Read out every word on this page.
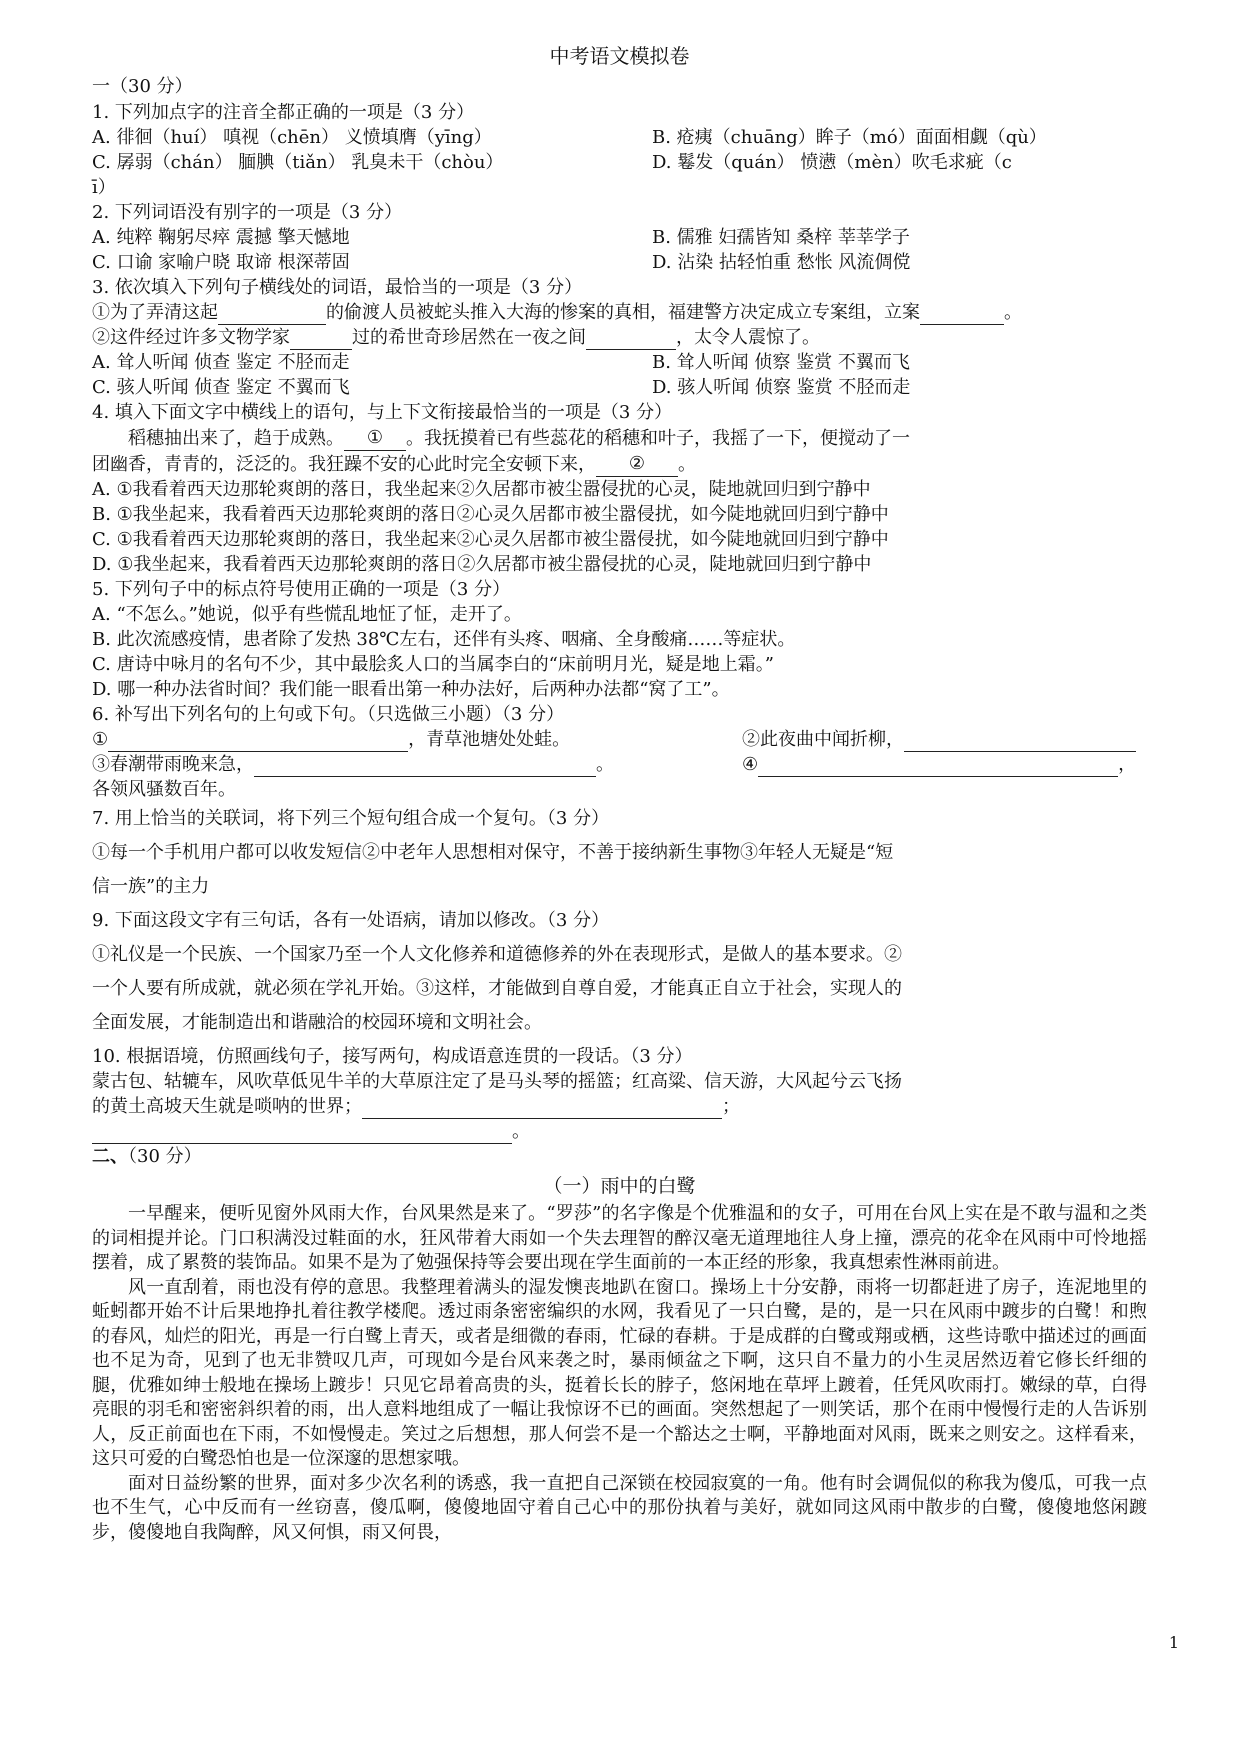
中考语文模拟卷
一（30 分）
1. 下列加点字的注音全都正确的一项是（3 分）
A. 徘徊（huí） 嗔视（chēn） 义愤填膺（yīng）	B. 疮痍（chuāng）眸子（mó）面面相觑（qù）
C. 孱弱（chán） 腼腆（tiǎn） 乳臭未干（chòu）	D. 鬈发（quán） 愤懑（mèn）吹毛求疵（c
ī）
2. 下列词语没有别字的一项是（3 分）
A. 纯粹 鞠躬尽瘁 震撼 擎天憾地	B. 儒雅 妇孺皆知 桑梓 莘莘学子
C. 口谕 家喻户晓 取谛 根深蒂固	D. 沾染 拈轻怕重 愁怅 风流倜傥
3. 依次填入下列句子横线处的词语，最恰当的一项是（3 分）
①为了弄清这起	的偷渡人员被蛇头推入大海的惨案的真相，福建警方决定成立专案组，立案	。
②这件经过许多文物学家	过的希世奇珍居然在一夜之间	，太令人震惊了。
A. 耸人听闻 侦查 鉴定 不胫而走	B. 耸人听闻 侦察 鉴赏 不翼而飞
C. 骇人听闻 侦查 鉴定 不翼而飞	D. 骇人听闻 侦察 鉴赏 不胫而走
4. 填入下面文字中横线上的语句，与上下文衔接最恰当的一项是（3 分）
稻穗抽出来了，趋于成熟。 ① 。我抚摸着已有些蕊花的稻穗和叶子，我摇了一下，便搅动了一
团幽香，青青的，泛泛的。我狂躁不安的心此时完全安顿下来， ② 。
A. ①我看着西天边那轮爽朗的落日，我坐起来②久居都市被尘嚣侵扰的心灵，陡地就回归到宁静中
B. ①我坐起来，我看着西天边那轮爽朗的落日②心灵久居都市被尘嚣侵扰，如今陡地就回归到宁静中
C. ①我看着西天边那轮爽朗的落日，我坐起来②心灵久居都市被尘嚣侵扰，如今陡地就回归到宁静中
D. ①我坐起来，我看着西天边那轮爽朗的落日②久居都市被尘嚣侵扰的心灵，陡地就回归到宁静中
5. 下列句子中的标点符号使用正确的一项是（3 分）
A. “不怎么。”她说，似乎有些慌乱地怔了怔，走开了。
B. 此次流感疫情，患者除了发热 38℃左右，还伴有头疼、咽痛、全身酸痛……等症状。
C. 唐诗中咏月的名句不少，其中最脍炙人口的当属李白的“床前明月光，疑是地上霜。”
D. 哪一种办法省时间？我们能一眼看出第一种办法好，后两种办法都“窝了工”。
6. 补写出下列名句的上句或下句。（只选做三小题）（3 分）
①	，青草池塘处处蛙。	②此夜曲中闻折柳，
③春潮带雨晚来急，	。	④	，
各领风骚数百年。
7. 用上恰当的关联词，将下列三个短句组合成一个复句。（3 分）
①每一个手机用户都可以收发短信②中老年人思想相对保守，不善于接纳新生事物③年轻人无疑是“短
信一族”的主力
9. 下面这段文字有三句话，各有一处语病，请加以修改。（3 分）
①礼仪是一个民族、一个国家乃至一个人文化修养和道德修养的外在表现形式，是做人的基本要求。②
一个人要有所成就，就必须在学礼开始。③这样，才能做到自尊自爱，才能真正自立于社会，实现人的
全面发展，才能制造出和谐融洽的校园环境和文明社会。
10. 根据语境，仿照画线句子，接写两句，构成语意连贯的一段话。（3 分）
蒙古包、轱辘车，风吹草低见牛羊的大草原注定了是马头琴的摇篮；红高粱、信天游，大风起兮云飞扬
的黄土高坡天生就是唢呐的世界；	；
。
二、（30 分）
（一）雨中的白鹭

一早醒来，便听见窗外风雨大作，台风果然是来了。“罗莎”的名字像是个优雅温和的女子，可用在台风上实在是不敢与温和之类的词相提并论。门口积满没过鞋面的水，狂风带着大雨如一个失去理智的醉汉毫无道理地往人身上撞，漂亮的花伞在风雨中可怜地摇摆着，成了累赘的装饰品。如果不是为了勉强保持等会要出现在学生面前的一本正经的形象，我真想索性淋雨前进。

风一直刮着，雨也没有停的意思。我整理着满头的湿发懊丧地趴在窗口。操场上十分安静，雨将一切都赶进了房子，连泥地里的蚯蚓都开始不计后果地挣扎着往教学楼爬。透过雨条密密编织的水网，我看见了一只白鹭，是的，是一只在风雨中踱步的白鹭！和煦的春风，灿烂的阳光，再是一行白鹭上青天，或者是细微的春雨，忙碌的春耕。于是成群的白鹭或翔或栖，这些诗歌中描述过的画面也不足为奇，见到了也无非赞叹几声，可现如今是台风来袭之时，暴雨倾盆之下啊，这只自不量力的小生灵居然迈着它修长纤细的腿，优雅如绅士般地在操场上踱步！只见它昂着高贵的头，挺着长长的脖子，悠闲地在草坪上踱着，任凭风吹雨打。嫩绿的草，白得亮眼的羽毛和密密斜织着的雨，出人意料地组成了一幅让我惊讶不已的画面。突然想起了一则笑话，那个在雨中慢慢行走的人告诉别人，反正前面也在下雨，不如慢慢走。笑过之后想想，那人何尝不是一个豁达之士啊，平静地面对风雨，既来之则安之。这样看来，这只可爱的白鹭恐怕也是一位深邃的思想家哦。

面对日益纷繁的世界，面对多少次名利的诱惑，我一直把自己深锁在校园寂寞的一角。他有时会调侃似的称我为傻瓜，可我一点也不生气，心中反而有一丝窃喜，傻瓜啊，傻傻地固守着自己心中的那份执着与美好，就如同这风雨中散步的白鹭，傻傻地悠闲踱步，傻傻地自我陶醉，风又何惧，雨又何畏，

1
